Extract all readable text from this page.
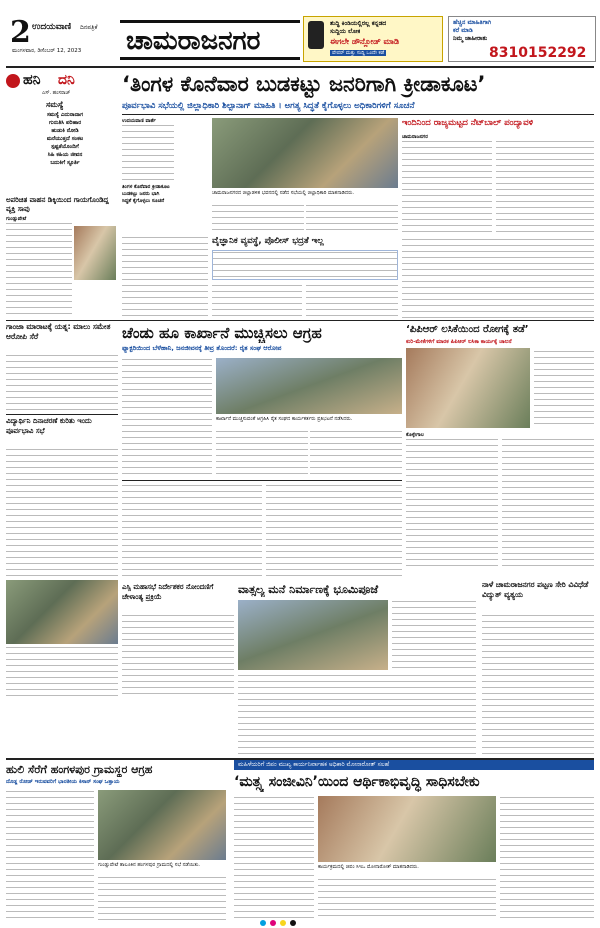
2 ಉದಯವಾಣಿ ದಿನಪತ್ರಿಕೆ
ಮಂಗಳವಾರ, ಡಿಸೆಂಬರ್ 12, 2023 ಚಾಮರಾಜನಗರ
ಶುದ್ಧಿ ಕಿಂಡಿಯಲ್ಲಿರಲ್ಲ ಕನ್ನಡದ
ಸುದ್ದಿಯ ಲೋಕ
ಈಗಲೇ ಡೌನ್ಲೋಡ್ ಮಾಡಿ
ಪೇಪರ್ ಮತ್ತು ಸುದ್ದಿ ಒಂದೇ ಕಡೆ
ಹೆಚ್ಚಿನ ಮಾಹಿತಿಗಾಗಿ
ಕರೆ ಮಾಡಿ
ನಿಮ್ಮ ಜಾಹೀರಾತು
8310152292
ಹನಿ ದನಿ
ಎಸ್. ಹಂಸರಾಜ್
ಸಮಸ್ಯೆ
ಸಮಸ್ಯೆ ಎದುರಾದಾಗ
ಗುರುತಿಸಿ ಪರಿಹಾರ
ಹುಡುಕಿ ನೋಡಿ
ಮರೆಯುತ್ತದೆ ಸಂಕಟ
ಸ್ಪಷ್ಟತೆಯೊಂದಿಗೆ
ಸಿಹಿ ಕಹಿಯ ಜೀವನ
ಬದುಕಿಗೆ ಸ್ಫೂರ್ತಿ
‘ತಿಂಗಳ ಕೊನೆವಾರ ಬುಡಕಟ್ಟು ಜನರಿಗಾಗಿ ಕ್ರೀಡಾಕೂಟ’
ಪೂರ್ವಭಾವಿ ಸಭೆಯಲ್ಲಿ ಜಿಲ್ಲಾಧಿಕಾರಿ ಶಿಲ್ಪಾನಾಗ್ ಮಾಹಿತಿ । ಅಗತ್ಯ ಸಿದ್ಧತೆ ಕೈಗೊಳ್ಳಲು ಅಧಿಕಾರಿಗಳಿಗೆ ಸೂಚನೆ
ಉದಯವಾಣಿ ವಾರ್ತೆ
ತಿಂಗಳ ಕೊನೆವಾರ ಕ್ರೀಡಾಕೂಟ
ಬುಡಕಟ್ಟು ಜನರು ಭಾಗಿ
ಸಿದ್ಧತೆ ಕೈಗೊಳ್ಳಲು ಸೂಚನೆ
ಚಾಮರಾಜನಗರದ ಜಿಲ್ಲಾಡಳಿತ ಭವನದಲ್ಲಿ ನಡೆದ ಸಭೆಯಲ್ಲಿ ಜಿಲ್ಲಾಧಿಕಾರಿ ಮಾತನಾಡಿದರು.
ಇಂದಿನಿಂದ ರಾಜ್ಯಮಟ್ಟದ ನೆಟ್‌ಬಾಲ್ ಪಂದ್ಯಾವಳಿ
ಚಾಮರಾಜನಗರ
ಅಪರಿಚಿತ ವಾಹನ ಡಿಕ್ಕಿಯಿಂದ ಗಾಯಗೊಂಡಿದ್ದ ವ್ಯಕ್ತಿ ಸಾವು
ಗುಂಡ್ಲುಪೇಟೆ
ವೈಜ್ಞಾನಿಕ ವ್ಯವಸ್ಥೆ, ಪೊಲೀಸ್ ಭದ್ರತೆ ಇಲ್ಲ
ಗಾಂಜಾ ಮಾರಾಟಕ್ಕೆ ಯತ್ನ: ಮಾಲು ಸಮೇತ ಆರೋಪಿ ಸೆರೆ	ಚೆಂಡು ಹೂ ಕಾರ್ಖಾನೆ ಮುಚ್ಚಿಸಲು ಆಗ್ರಹ
ಫ್ಯಾಕ್ಟರಿಯಿಂದ ಬೆಳೆಹಾನಿ, ಜನಜೀವನಕ್ಕೆ ತೀವ್ರ ತೊಂದರೆ: ರೈತ ಸಂಘ ಆರೋಪ
ಕಾರ್ಖಾನೆ ಮುಚ್ಚಿಸುವಂತೆ ಆಗ್ರಹಿಸಿ ರೈತ ಸಂಘದ ಕಾರ್ಯಕರ್ತರು ಪ್ರತಿಭಟನೆ ನಡೆಸಿದರು.
‘ಪಿಪಿಆರ್ ಲಸಿಕೆಯಿಂದ ರೋಗಕ್ಕೆ ತಡೆ’
ಕುರಿ-ಮೇಕೆಗಳಿಗೆ ಮಾರಕ ಪಿಪಿಆರ್ ಲಸಿಕಾ ಕಾರ್ಯಕ್ಕೆ ಚಾಲನೆ
ಕೊಳ್ಳೇಗಾಲ
ವಿದ್ಯಾರ್ಥಿನಿ ದಿನಾಚರಣೆ ಕುರಿತು ಇಂದು ಪೂರ್ವಭಾವಿ ಸಭೆ
ಎಸ್ಸಿ ಮಹಾಸಭೆ ನಿರ್ದೇಶಕರ ನೋಂದಣಿಗೆ ಚೇಳಾಂತ್ಯ ಪ್ರಕ್ರಿಯೆ
ವಾತ್ಸಲ್ಯ ಮನೆ ನಿರ್ಮಾಣಕ್ಕೆ ಭೂಮಿಪೂಜೆ	ನಾಳೆ ಚಾಮರಾಜನಗರ ಪಟ್ಟಣ ಸೇರಿ ವಿವಿಧೆಡೆ ವಿದ್ಯುತ್ ವ್ಯತ್ಯಯ
ಹುಲಿ ಸೆರೆಗೆ ಹಂಗಳಪುರ ಗ್ರಾಮಸ್ಥರ ಆಗ್ರಹ
ದೊಡ್ಡ ರೋಡ್ ಇರುವವರಿಗೆ ಭಾರತೀಯ ಕಿಸಾನ್ ಸಂಘ ಒತ್ತಾಯ
ಗುಂಡ್ಲುಪೇಟೆ ತಾಲೂಕಿನ ಹಂಗಳಪುರ ಗ್ರಾಮದಲ್ಲಿ ಸಭೆ ನಡೆಯಿತು.
ಮಹಿಳೆಯರಿಗೆ ಜಿಪಂ ಮುಖ್ಯ ಕಾರ್ಯನಿರ್ವಾಹಕ ಅಧಿಕಾರಿ ಮೋನಾರೋತ್ ಸಲಹೆ
‘ಮತ್ಸ್ಯ ಸಂಜೀವಿನಿ’ಯಿಂದ ಆರ್ಥಿಕಾಭಿವೃದ್ಧಿ ಸಾಧಿಸಬೇಕು
ಕಾರ್ಯಕ್ರಮದಲ್ಲಿ ಜಿಪಂ ಸಿಇಒ ಮೋನಾರೋತ್ ಮಾತನಾಡಿದರು.
